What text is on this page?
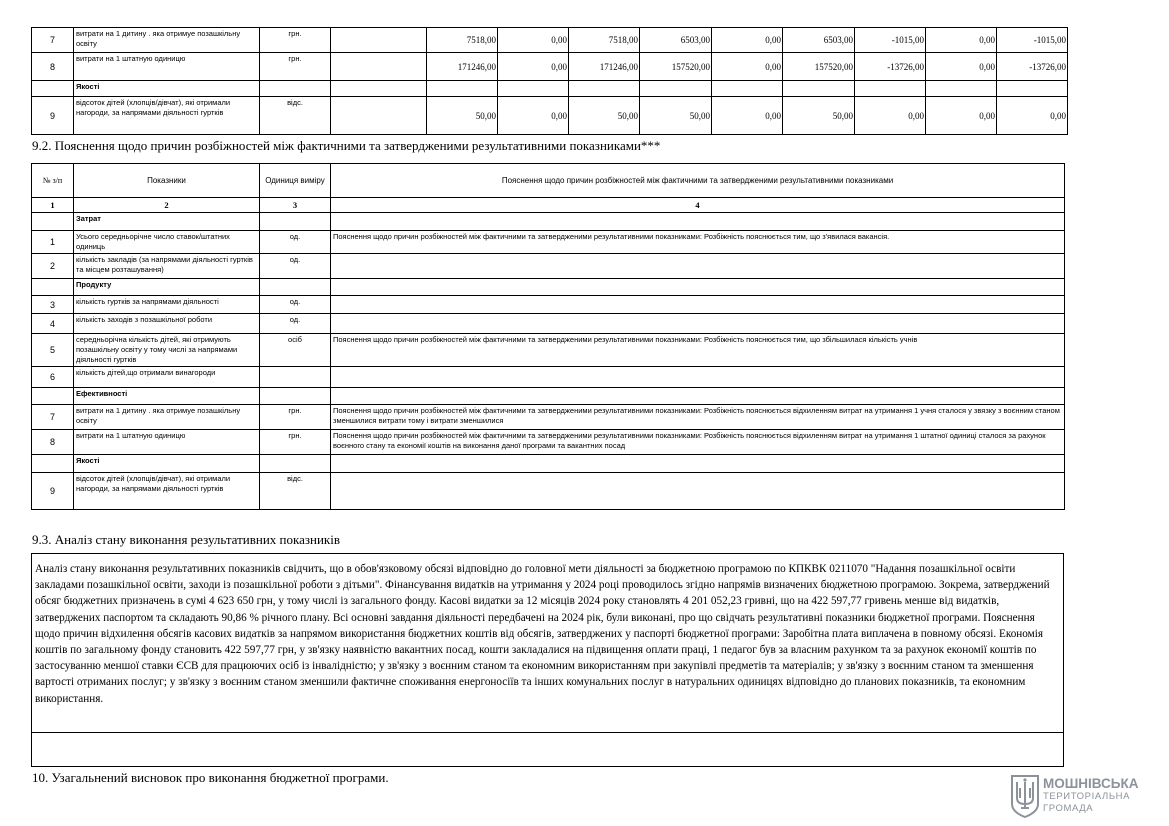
7	витрати на 1 дитину . яка отримуе позашкільну освіту	грн.		7518,00	0,00	7518,00	6503,00	0,00	6503,00	-1015,00	0,00	-1015,00
8	витрати на 1 штатную одиницю	грн.		171246,00	0,00	171246,00	157520,00	0,00	157520,00	-13726,00	0,00	-13726,00
	Якості											
9	відсоток дітей (хлопців/дівчат), які отримали нагороди, за напрямами діяльності гуртків	відс.		50,00	0,00	50,00	50,00	0,00	50,00	0,00	0,00	0,00
9.2. Пояснення щодо причин розбіжностей між фактичними та затвердженими результативними показниками***
№ з/п	Показники	Одиниця виміру	Пояснення щодо причин розбіжностей між фактичними та затвердженими результативними показниками
1	2	3	4
	Затрат		
1	Усього середньорічне число ставок/штатних одиниць	од.	Пояснення щодо причин розбіжностей між фактичними та затвердженими результативними показниками: Розбіжність пояснюється тим, що з'явилася вакансія.
2	кількість закладів (за напрямами діяльності гуртків та місцем розташування)	од.	
	Продукту		
3	кількість гуртків за напрямами діяльності	од.	
4	кількість заходів з позашкільної роботи	од.	
5	середньорічна кількість дітей, які отримують позашкільну освіту у тому числі за напрямами діяльності гуртків	осіб	Пояснення щодо причин розбіжностей між фактичними та затвердженими результативними показниками: Розбіжність пояснюється тим, що збільшилася кількість учнів
6	кількість дітей,що отримали винагороди		
	Ефективності		
7	витрати на 1 дитину . яка отримуе позашкільну освіту	грн.	Пояснення щодо причин розбіжностей між фактичними та затвердженими результативними показниками: Розбіжність пояснюється відхиленням витрат на утримання 1 учня сталося у звязку з воєнним станом зменшилися витрати тому і витрати зменшилися
8	витрати на 1 штатную одиницю	грн.	Пояснення щодо причин розбіжностей між фактичними та затвердженими результативними показниками: Розбіжність пояснюється відхиленням витрат на утримання 1 штатної одиниці сталося за рахунок воєнного стану та економії коштів на виконання даної програми та вакантних посад
	Якості		
9	відсоток дітей (хлопців/дівчат), які отримали нагороди, за напрямами діяльності гуртків	відс.	
9.3. Аналіз стану виконання результативних показників
Аналіз стану виконання результативних показників свідчить, що в обов'язковому обсязі відповідно до головної мети діяльності за бюджетною програмою по КПКВК 0211070 "Надання позашкільної освіти закладами позашкільної освіти, заходи із позашкільної роботи з дітьми". Фінансування видатків на утримання у 2024 році проводилось згідно напрямів визначених бюджетною програмою. Зокрема, затверджений обсяг бюджетних призначень в сумі 4 623 650 грн, у тому числі із загального фонду. Касові видатки за 12 місяців 2024 року становлять 4 201 052,23 гривні, що на 422 597,77 гривень менше від видатків, затверджених паспортом та складають 90,86 % річного плану. Всі основні завдання діяльності передбачені на 2024 рік, були виконані, про що свідчать результативні показники бюджетної програми. Пояснення щодо причин відхилення обсягів касових видатків за напрямом використання бюджетних коштів від обсягів, затверджених у паспорті бюджетної програми: Заробітна плата виплачена в повному обсязі. Економія коштів по загальному фонду становить 422 597,77 грн, у зв'язку наявністю вакантних посад, кошти закладалися на підвищення оплати праці, 1 педагог був за власним рахунком та за рахунок економії коштів по застосуванню меншої ставки ЄСВ для працюючих осіб із інвалідністю; у зв'язку з воєнним станом та економним використанням при закупівлі предметів та матеріалів; у зв'язку з воєнним станом та зменшення вартості отриманих послуг; у зв'язку з воєнним станом зменшили фактичне споживання енергоносіїв та інших комунальних послуг в натуральних одиницях відповідно до планових показників, та економним використання.
10. Узагальнений висновок про виконання бюджетної програми.	МОШНІВСЬКА
ТЕРИТОРІАЛЬНА
ГРОМАДА
